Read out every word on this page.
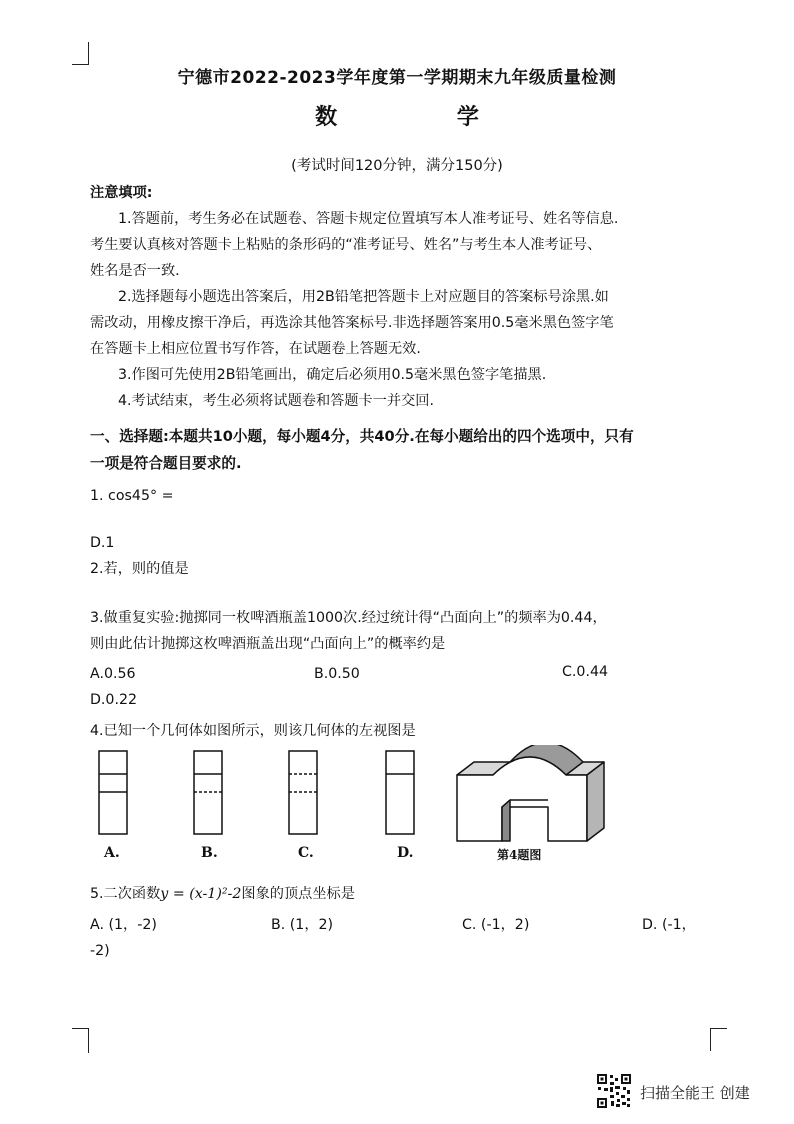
宁德市2022-2023学年度第一学期期末九年级质量检测
数 学
(考试时间120分钟，满分150分)
注意填项:
1.答题前，考生务必在试题卷、答题卡规定位置填写本人准考证号、姓名等信息.
考生要认真核对答题卡上粘贴的条形码的“准考证号、姓名”与考生本人准考证号、
姓名是否一致.
2.选择题每小题选出答案后，用2B铅笔把答题卡上对应题目的答案标号涂黑.如
需改动，用橡皮擦干净后，再选涂其他答案标号.非选择题答案用0.5毫米黑色签字笔
在答题卡上相应位置书写作答，在试题卷上答题无效.
3.作图可先使用2B铅笔画出，确定后必须用0.5毫米黑色签字笔描黑.
4.考试结束，考生必须将试题卷和答题卡一并交回.
一、选择题:本题共10小题，每小题4分，共40分.在每小题给出的四个选项中，只有
一项是符合题目要求的.
1. cos45° =
D.1
2.若，则的值是
3.做重复实验:抛掷同一枚啤酒瓶盖1000次.经过统计得“凸面向上”的频率为0.44，
则由此估计抛掷这枚啤酒瓶盖出现“凸面向上”的概率约是
A.0.56	B.0.50	C.0.44
D.0.22
4.已知一个几何体如图所示，则该几何体的左视图是
A.	B.	C.	D.	第4题图
5.二次函数y = (x-1)²-2图象的顶点坐标是
A. (1，-2)	B. (1，2)	C. (-1，2)	D. (-1，
-2)
扫描全能王 创建
